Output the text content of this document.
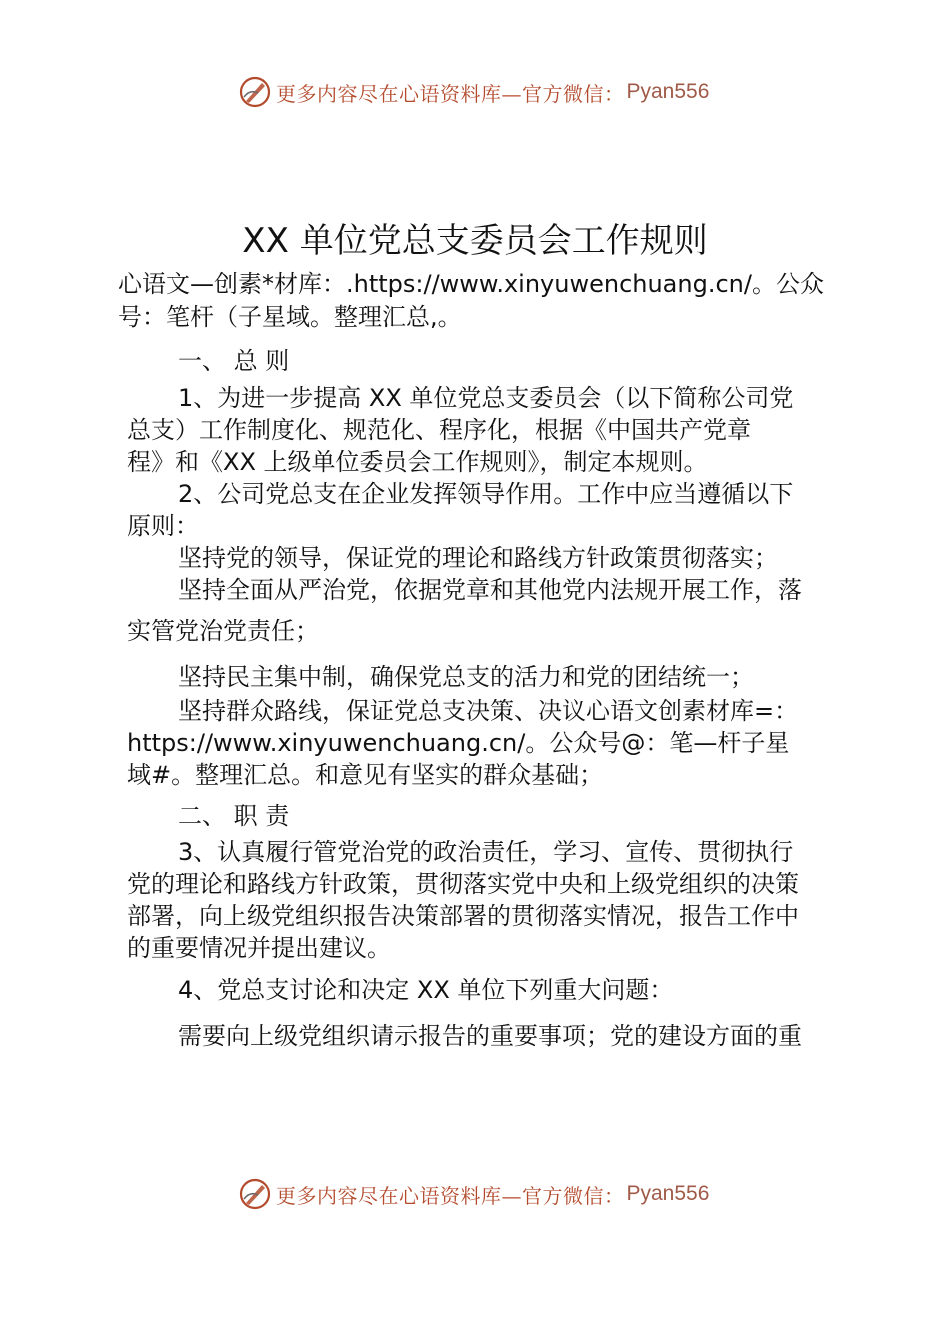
更多内容尽在心语资料库—官方微信： Pyan556
XX 单位党总支委员会工作规则
心语文—创素*材库：.https://www.xinyuwenchuang.cn/。公众
号：笔杆（子星域。整理汇总,。
一、 总 则
1、为进一步提高 XX 单位党总支委员会（以下简称公司党
总支）工作制度化、规范化、程序化，根据《中国共产党章
程》和《XX 上级单位委员会工作规则》，制定本规则。
2、公司党总支在企业发挥领导作用。工作中应当遵循以下
原则：
坚持党的领导，保证党的理论和路线方针政策贯彻落实；
坚持全面从严治党，依据党章和其他党内法规开展工作，落
实管党治党责任；
坚持民主集中制，确保党总支的活力和党的团结统一；
坚持群众路线，保证党总支决策、决议心语文创素材库=：
https://www.xinyuwenchuang.cn/。公众号@：笔—杆子星
域#。整理汇总。和意见有坚实的群众基础；
二、 职 责
3、认真履行管党治党的政治责任，学习、宣传、贯彻执行
党的理论和路线方针政策，贯彻落实党中央和上级党组织的决策
部署，向上级党组织报告决策部署的贯彻落实情况，报告工作中
的重要情况并提出建议。
4、党总支讨论和决定 XX 单位下列重大问题：
需要向上级党组织请示报告的重要事项；党的建设方面的重
更多内容尽在心语资料库—官方微信： Pyan556
